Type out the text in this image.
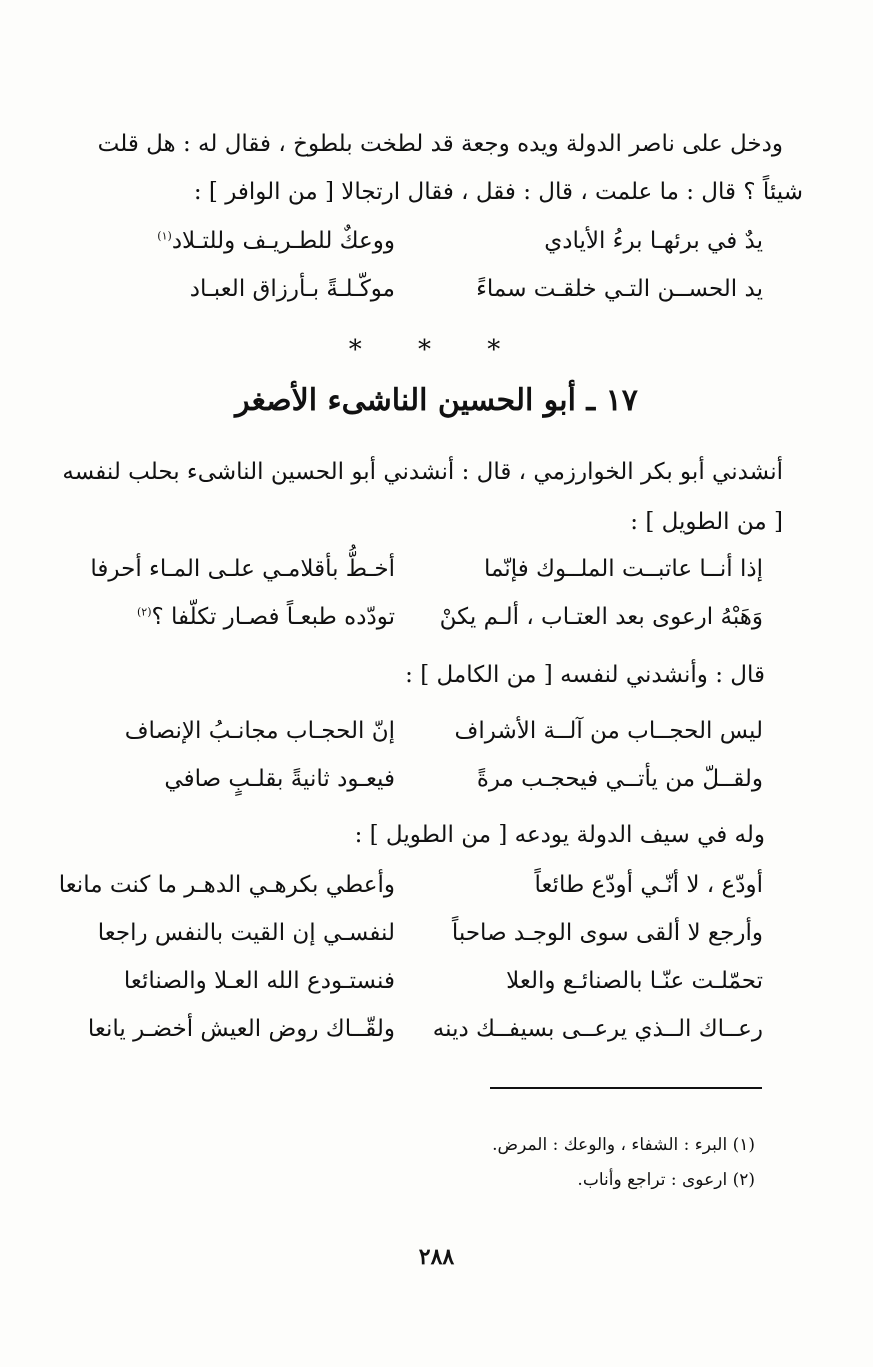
ودخل على ناصر الدولة ويده وجعة قد لطخت بلطوخ ، فقال له : هل قلت
شيئاً ؟ قال : ما علمت ، قال : فقل ، فقال ارتجالا [ من الوافر ] :
يدٌ في برئهـا برءُ الأيادي
ووعكٌ للطـريـف وللتـلاد$^{(١)}$
يد الحســن التـي خلقـت سماءً
موكّـلـةً بـأرزاق العبـاد
* * *
١٧ ـ أبو الحسين الناشىء الأصغر
أنشدني أبو بكر الخوارزمي ، قال : أنشدني أبو الحسين الناشىء بحلب لنفسه
[ من الطويل ] :
إذا أنــا عاتبــت الملــوك فإنّما
أخـطُّ بأقلامـي علـى المـاء أحرفا
وَهَبْهُ ارعوى بعد العتـاب ، ألـم يكنْ
تودّده طبعـاً فصـار تكلّفا ؟$^{(٢)}$
قال : وأنشدني لنفسه [ من الكامل ] :
ليس الحجــاب من آلــة الأشراف
إنّ الحجـاب مجانـبُ الإنصاف
ولقــلّ من يأتــي فيحجـب مرةً
فيعـود ثانيةً بقلـبٍ صافي
وله في سيف الدولة يودعه [ من الطويل ] :
أودّع ، لا أنّـي أودّع طائعاً
وأعطي بكرهـي الدهـر ما كنت مانعا
وأرجع لا ألقى سوى الوجـد صاحباً
لنفسـي إن القيت بالنفس راجعا
تحمّلـت عنّـا بالصنائـع والعلا
فنستـودع الله العـلا والصنائعا
رعــاك الــذي يرعــى بسيفــك دينه
ولقّــاك روض العيش أخضـر يانعا
(١) البرء : الشفاء ، والوعك : المرض.
(٢) ارعوى : تراجع وأناب.
٢٨٨
